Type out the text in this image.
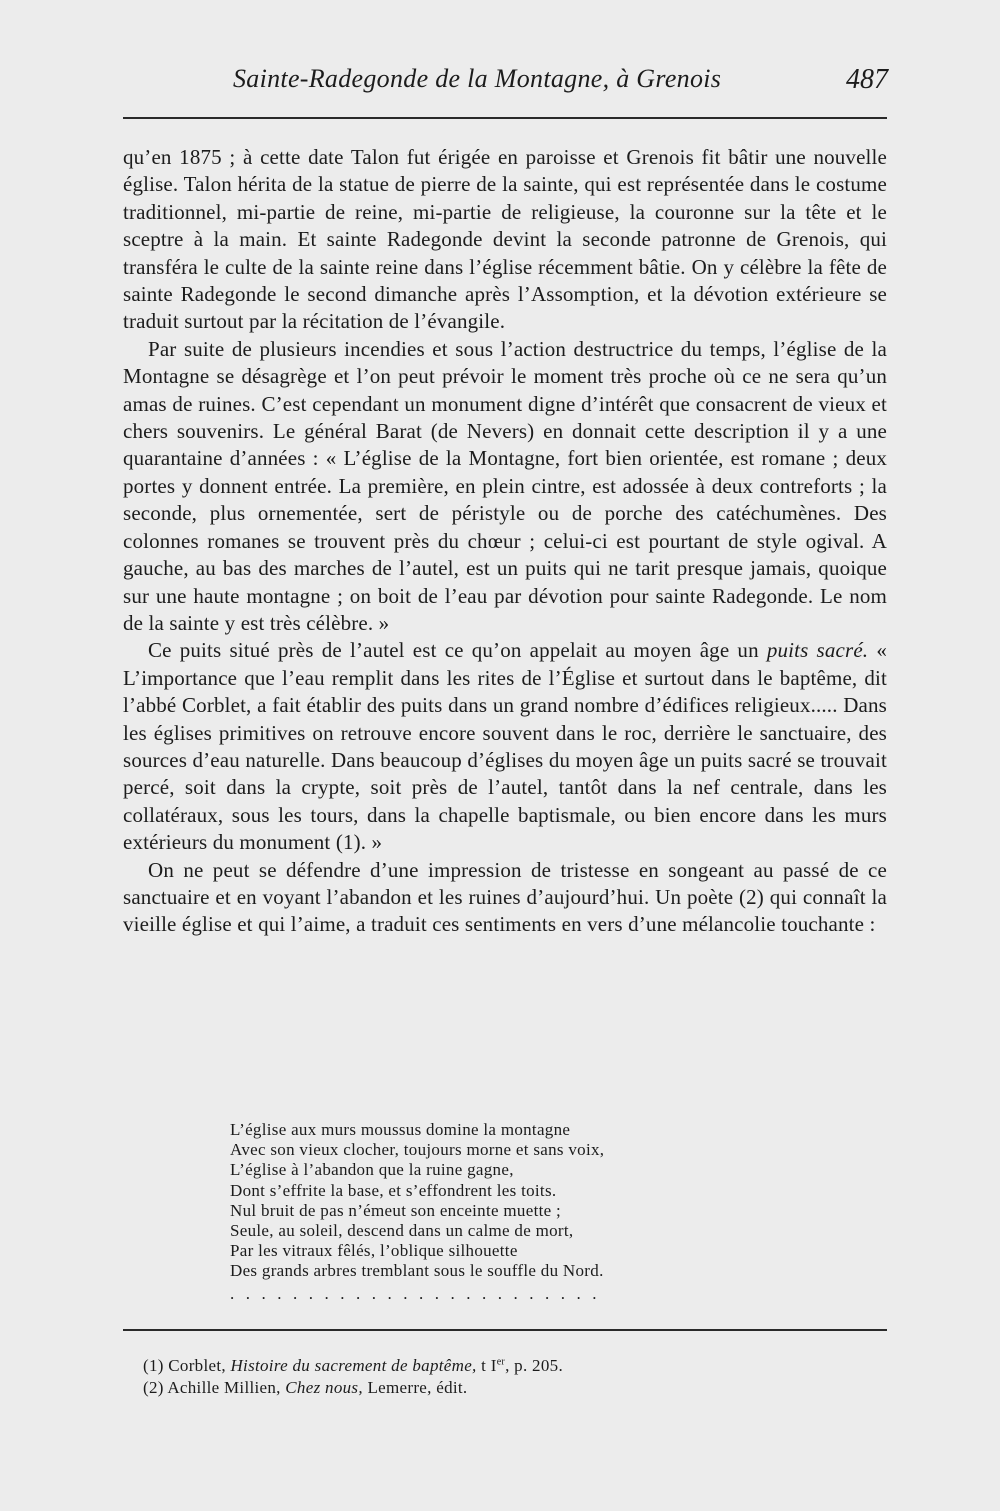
Sainte-Radegonde de la Montagne, à Grenois	487

qu’en 1875 ; à cette date Talon fut érigée en paroisse et Grenois fit bâtir une nouvelle église. Talon hérita de la statue de pierre de la sainte, qui est représentée dans le costume traditionnel, mi-partie de reine, mi-partie de religieuse, la couronne sur la tête et le sceptre à la main. Et sainte Radegonde devint la seconde patronne de Grenois, qui transféra le culte de la sainte reine dans l’église récemment bâtie. On y célèbre la fête de sainte Radegonde le second dimanche après l’Assomption, et la dévotion extérieure se traduit surtout par la récitation de l’évangile.

Par suite de plusieurs incendies et sous l’action destructrice du temps, l’église de la Montagne se désagrège et l’on peut prévoir le moment très proche où ce ne sera qu’un amas de ruines. C’est cependant un monument digne d’intérêt que consacrent de vieux et chers souvenirs. Le général Barat (de Nevers) en donnait cette description il y a une quarantaine d’années : « L’église de la Montagne, fort bien orientée, est romane ; deux portes y donnent entrée. La première, en plein cintre, est adossée à deux contreforts ; la seconde, plus ornementée, sert de péristyle ou de porche des catéchumènes. Des colonnes romanes se trouvent près du chœur ; celui-ci est pourtant de style ogival. A gauche, au bas des marches de l’autel, est un puits qui ne tarit presque jamais, quoique sur une haute montagne ; on boit de l’eau par dévotion pour sainte Radegonde. Le nom de la sainte y est très célèbre. »

Ce puits situé près de l’autel est ce qu’on appelait au moyen âge un puits sacré. « L’importance que l’eau remplit dans les rites de l’Église et surtout dans le baptême, dit l’abbé Corblet, a fait établir des puits dans un grand nombre d’édifices religieux..... Dans les églises primitives on retrouve encore souvent dans le roc, derrière le sanctuaire, des sources d’eau naturelle. Dans beaucoup d’églises du moyen âge un puits sacré se trouvait percé, soit dans la crypte, soit près de l’autel, tantôt dans la nef centrale, dans les collatéraux, sous les tours, dans la chapelle baptismale, ou bien encore dans les murs extérieurs du monument (1). »

On ne peut se défendre d’une impression de tristesse en songeant au passé de ce sanctuaire et en voyant l’abandon et les ruines d’aujourd’hui. Un poète (2) qui connaît la vieille église et qui l’aime, a traduit ces sentiments en vers d’une mélancolie touchante :

L’église aux murs moussus domine la montagne
Avec son vieux clocher, toujours morne et sans voix,
L’église à l’abandon que la ruine gagne,
Dont s’effrite la base, et s’effondrent les toits.
Nul bruit de pas n’émeut son enceinte muette ;
Seule, au soleil, descend dans un calme de mort,
Par les vitraux fêlés, l’oblique silhouette
Des grands arbres tremblant sous le souffle du Nord.
........................
(1) Corblet, Histoire du sacrement de baptême, t Ier, p. 205.
(2) Achille Millien, Chez nous, Lemerre, édit.
